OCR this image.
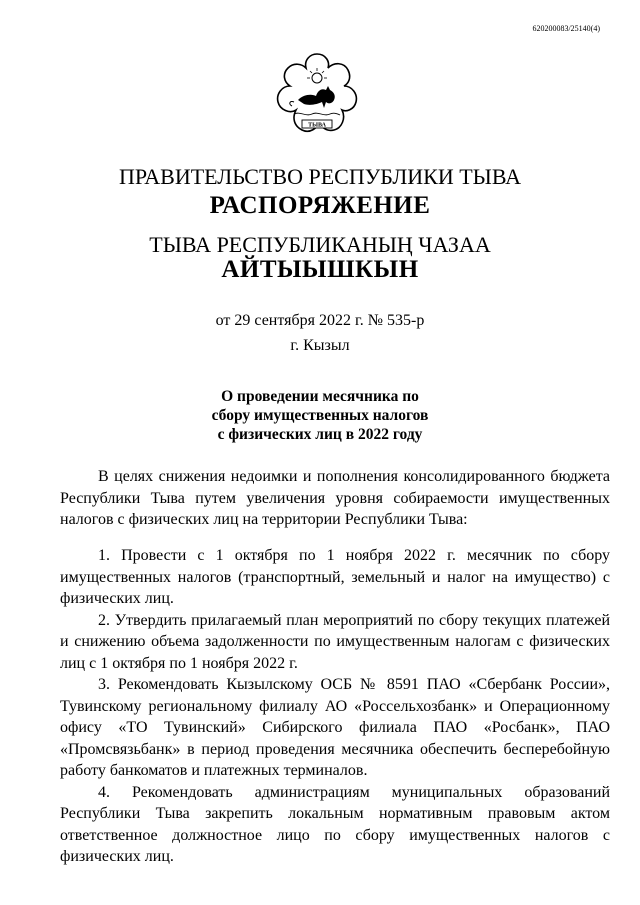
620200083/25140(4)
ТЫВА
ПРАВИТЕЛЬСТВО РЕСПУБЛИКИ ТЫВА
РАСПОРЯЖЕНИЕ
ТЫВА РЕСПУБЛИКАНЫҢ ЧАЗАА
АЙТЫЫШКЫН
от 29 сентября 2022 г. № 535-р
г. Кызыл
О проведении месячника по
сбору имущественных налогов
с физических лиц в 2022 году

В целях снижения недоимки и пополнения консолидированного бюджета Республики Тыва путем увеличения уровня собираемости имущественных налогов с физических лиц на территории Республики Тыва:

1. Провести с 1 октября по 1 ноября 2022 г. месячник по сбору имущественных налогов (транспортный, земельный и налог на имущество) с физических лиц.

2. Утвердить прилагаемый план мероприятий по сбору текущих платежей и снижению объема задолженности по имущественным налогам с физических лиц с 1 октября по 1 ноября 2022 г.

3. Рекомендовать Кызылскому ОСБ № 8591 ПАО «Сбербанк России», Тувинскому региональному филиалу АО «Россельхозбанк» и Операционному офису «ТО Тувинский» Сибирского филиала ПАО «Росбанк», ПАО «Промсвязьбанк» в период проведения месячника обеспечить бесперебойную работу банкоматов и платежных терминалов.

4. Рекомендовать администрациям муниципальных образований Республики Тыва закрепить локальным нормативным правовым актом ответственное должностное лицо по сбору имущественных налогов с физических лиц.
